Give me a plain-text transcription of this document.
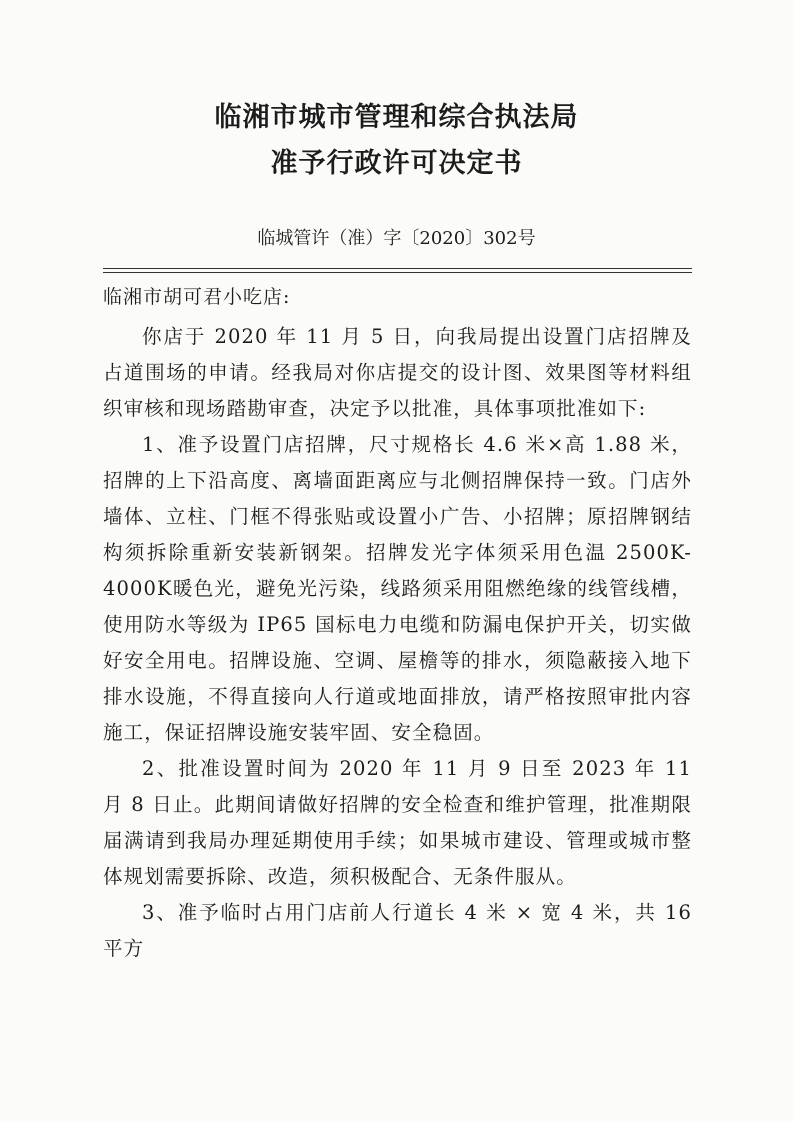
临湘市城市管理和综合执法局
准予行政许可决定书
临城管许（准）字〔2020〕302号
临湘市胡可君小吃店:

你店于 2020 年 11 月 5 日，向我局提出设置门店招牌及占道围场的申请。经我局对你店提交的设计图、效果图等材料组织审核和现场踏勘审查，决定予以批准，具体事项批准如下:

1、准予设置门店招牌，尺寸规格长 4.6 米×高 1.88 米，招牌的上下沿高度、离墙面距离应与北侧招牌保持一致。门店外墙体、立柱、门框不得张贴或设置小广告、小招牌；原招牌钢结构须拆除重新安装新钢架。招牌发光字体须采用色温 2500K-4000K暖色光，避免光污染，线路须采用阻燃绝缘的线管线槽，使用防水等级为 IP65 国标电力电缆和防漏电保护开关，切实做好安全用电。招牌设施、空调、屋檐等的排水，须隐蔽接入地下排水设施，不得直接向人行道或地面排放，请严格按照审批内容施工，保证招牌设施安装牢固、安全稳固。

2、批准设置时间为 2020 年 11 月 9 日至 2023 年 11 月 8 日止。此期间请做好招牌的安全检查和维护管理，批准期限届满请到我局办理延期使用手续；如果城市建设、管理或城市整体规划需要拆除、改造，须积极配合、无条件服从。

3、准予临时占用门店前人行道长 4 米 × 宽 4 米，共 16 平方
